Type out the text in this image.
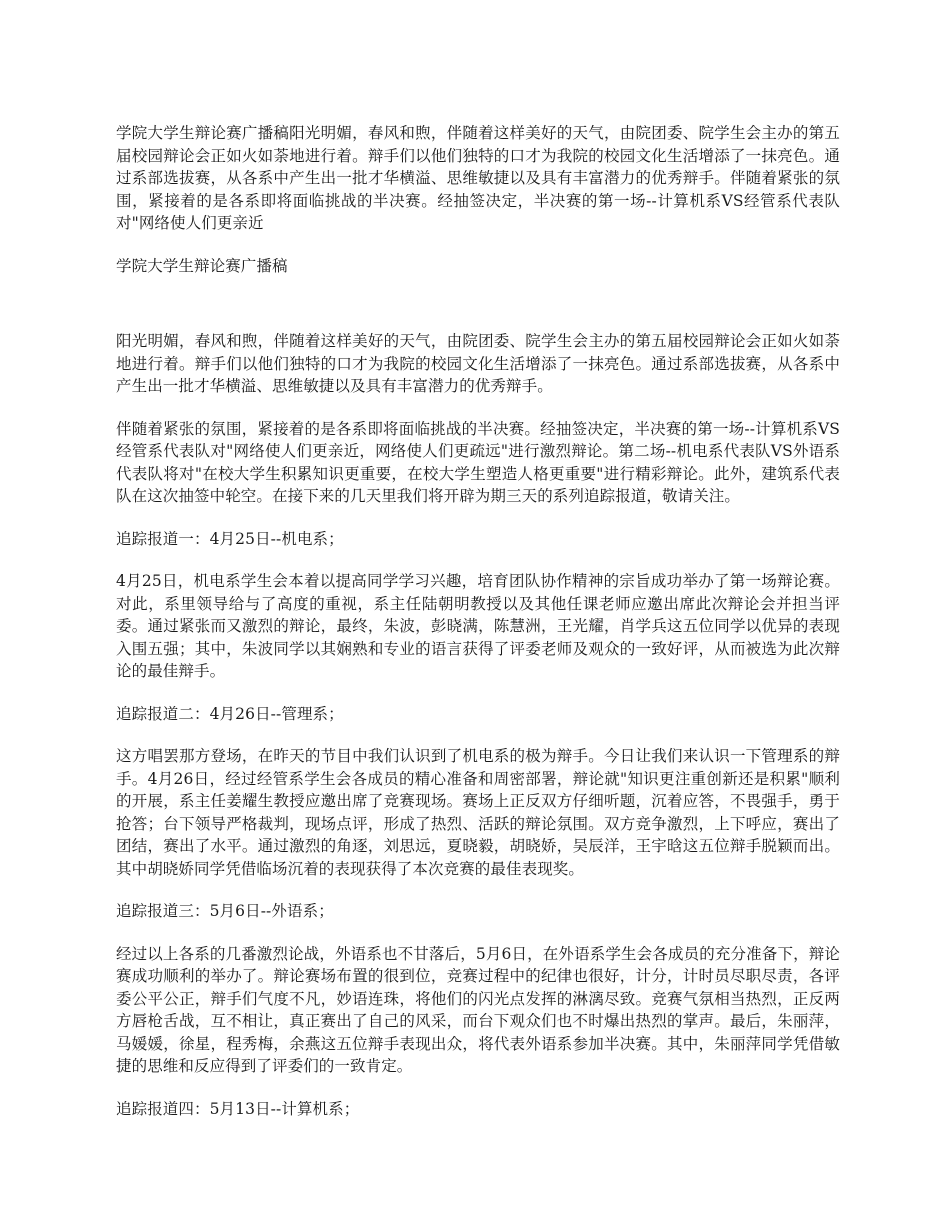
学院大学生辩论赛广播稿阳光明媚，春风和煦，伴随着这样美好的天气，由院团委、院学生会主办的第五届校园辩论会正如火如荼地进行着。辩手们以他们独特的口才为我院的校园文化生活增添了一抹亮色。通过系部选拔赛，从各系中产生出一批才华横溢、思维敏捷以及具有丰富潜力的优秀辩手。伴随着紧张的氛围，紧接着的是各系即将面临挑战的半决赛。经抽签决定，半决赛的第一场--计算机系VS经管系代表队对"网络使人们更亲近

学院大学生辩论赛广播稿

阳光明媚，春风和煦，伴随着这样美好的天气，由院团委、院学生会主办的第五届校园辩论会正如火如荼地进行着。辩手们以他们独特的口才为我院的校园文化生活增添了一抹亮色。通过系部选拔赛，从各系中产生出一批才华横溢、思维敏捷以及具有丰富潜力的优秀辩手。

伴随着紧张的氛围，紧接着的是各系即将面临挑战的半决赛。经抽签决定，半决赛的第一场--计算机系VS经管系代表队对"网络使人们更亲近，网络使人们更疏远"进行激烈辩论。第二场--机电系代表队VS外语系代表队将对"在校大学生积累知识更重要，在校大学生塑造人格更重要"进行精彩辩论。此外，建筑系代表队在这次抽签中轮空。在接下来的几天里我们将开辟为期三天的系列追踪报道，敬请关注。

追踪报道一：4月25日--机电系；

4月25日，机电系学生会本着以提高同学学习兴趣，培育团队协作精神的宗旨成功举办了第一场辩论赛。对此，系里领导给与了高度的重视，系主任陆朝明教授以及其他任课老师应邀出席此次辩论会并担当评委。通过紧张而又激烈的辩论，最终，朱波，彭晓满，陈慧洲，王光耀，肖学兵这五位同学以优异的表现入围五强；其中，朱波同学以其娴熟和专业的语言获得了评委老师及观众的一致好评，从而被选为此次辩论的最佳辩手。

追踪报道二：4月26日--管理系；

这方唱罢那方登场，在昨天的节目中我们认识到了机电系的极为辩手。今日让我们来认识一下管理系的辩手。4月26日，经过经管系学生会各成员的精心准备和周密部署，辩论就"知识更注重创新还是积累"顺利的开展，系主任姜耀生教授应邀出席了竞赛现场。赛场上正反双方仔细听题，沉着应答，不畏强手，勇于抢答；台下领导严格裁判，现场点评，形成了热烈、活跃的辩论氛围。双方竞争激烈，上下呼应，赛出了团结，赛出了水平。通过激烈的角逐，刘思远，夏晓毅，胡晓娇，吴辰洋，王宇晗这五位辩手脱颖而出。其中胡晓娇同学凭借临场沉着的表现获得了本次竞赛的最佳表现奖。

追踪报道三：5月6日--外语系；

经过以上各系的几番激烈论战，外语系也不甘落后，5月6日，在外语系学生会各成员的充分准备下，辩论赛成功顺利的举办了。辩论赛场布置的很到位，竞赛过程中的纪律也很好，计分，计时员尽职尽责，各评委公平公正，辩手们气度不凡，妙语连珠，将他们的闪光点发挥的淋漓尽致。竞赛气氛相当热烈，正反两方唇枪舌战，互不相让，真正赛出了自己的风采，而台下观众们也不时爆出热烈的掌声。最后，朱丽萍，马媛媛，徐星，程秀梅，余燕这五位辩手表现出众，将代表外语系参加半决赛。其中，朱丽萍同学凭借敏捷的思维和反应得到了评委们的一致肯定。

追踪报道四：5月13日--计算机系；
